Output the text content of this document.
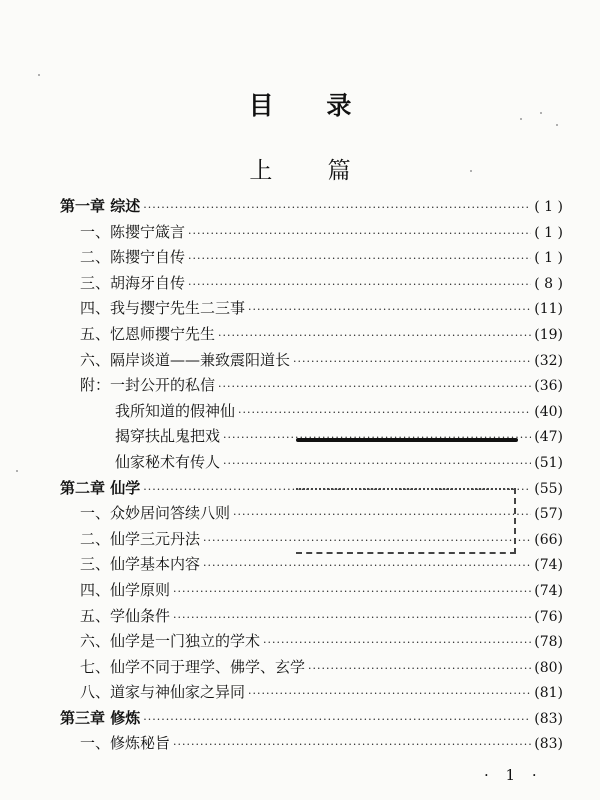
目 录
上 篇
第一章 综述 ·····	( 1 )
一、陈撄宁箴言 ·····	( 1 )
二、陈撄宁自传 ·····	( 1 )
三、胡海牙自传 ·····	( 8 )
四、我与撄宁先生二三事 ·····	(11)
五、忆恩师撄宁先生 ·····	(19)
六、隔岸谈道——兼致震阳道长 ·····	(32)
附：一封公开的私信 ·····	(36)
我所知道的假神仙 ·····	(40)
揭穿扶乩鬼把戏 ·····	(47)
仙家秘术有传人 ·····	(51)
第二章 仙学 ·····	(55)
一、众妙居问答续八则 ·····	(57)
二、仙学三元丹法 ·····	(66)
三、仙学基本内容 ·····	(74)
四、仙学原则 ·····	(74)
五、学仙条件 ·····	(76)
六、仙学是一门独立的学术 ·····	(78)
七、仙学不同于理学、佛学、玄学 ·····	(80)
八、道家与神仙家之异同 ·····	(81)
第三章 修炼 ·····	(83)
一、修炼秘旨 ·····	(83)
· 1 ·
